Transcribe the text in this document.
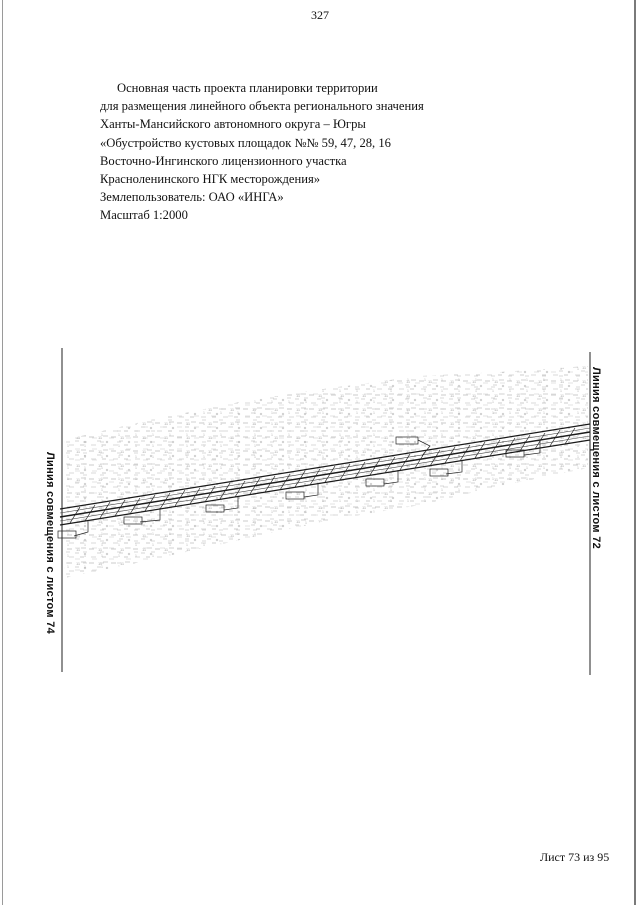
327
Основная часть проекта планировки территории
для размещения линейного объекта регионального значения
Ханты-Мансийского автономного округа – Югры
«Обустройство кустовых площадок №№ 59, 47, 28, 16
Восточно-Ингинского лицензионного участка
Красноленинского НГК месторождения»
Землепользователь: ОАО «ИНГА»
Масштаб 1:2000
Линия совмещения с листом 74	Линия совмещения с листом 72
Лист 73 из 95
